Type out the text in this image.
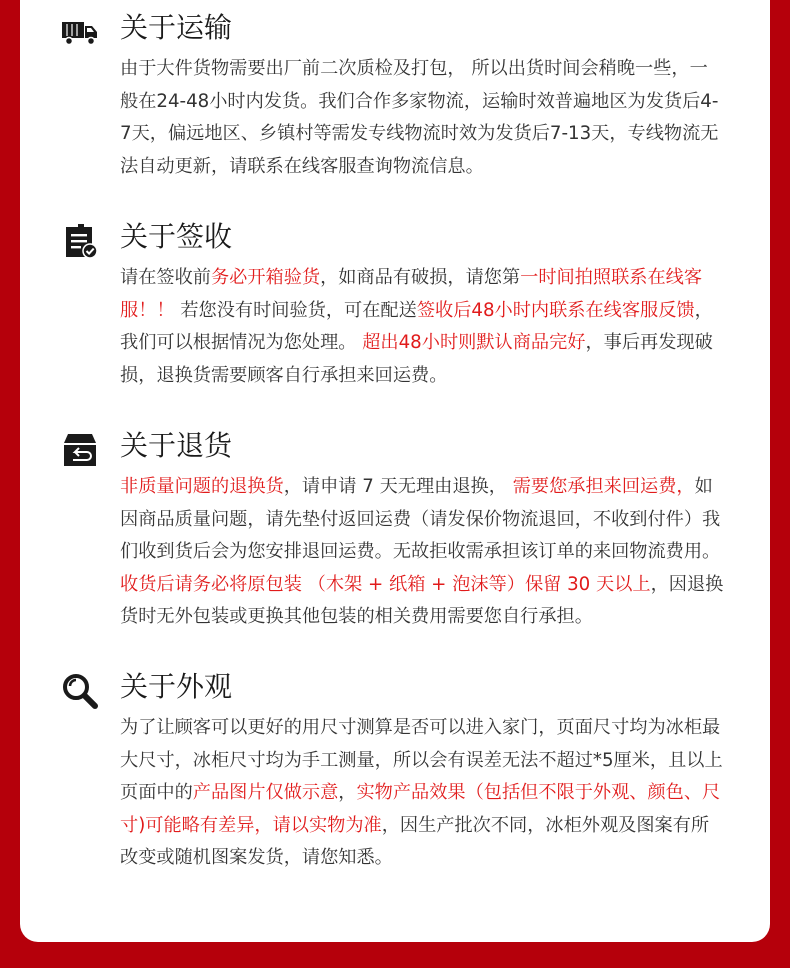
关于运输
由于大件货物需要出厂前二次质检及打包， 所以出货时间会稍晚一些，一般在24-48小时内发货。我们合作多家物流，运输时效普遍地区为发货后4-7天，偏远地区、乡镇村等需发专线物流时效为发货后7-13天，专线物流无法自动更新，请联系在线客服查询物流信息。
关于签收
请在签收前务必开箱验货，如商品有破损，请您第一时间拍照联系在线客服！！ 若您没有时间验货，可在配送签收后48小时内联系在线客服反馈，我们可以根据情况为您处理。 超出48小时则默认商品完好，事后再发现破损，退换货需要顾客自行承担来回运费。
关于退货
非质量问题的退换货，请申请 7 天无理由退换， 需要您承担来回运费，如因商品质量问题，请先垫付返回运费（请发保价物流退回，不收到付件）我们收到货后会为您安排退回运费。无故拒收需承担该订单的来回物流费用。收货后请务必将原包装 （木架 + 纸箱 + 泡沫等）保留 30 天以上，因退换货时无外包装或更换其他包装的相关费用需要您自行承担。
关于外观
为了让顾客可以更好的用尺寸测算是否可以进入家门，页面尺寸均为冰柜最大尺寸，冰柜尺寸均为手工测量，所以会有误差无法不超过*5厘米，且以上页面中的产品图片仅做示意，实物产品效果（包括但不限于外观、颜色、尺寸)可能略有差异，请以实物为准，因生产批次不同，冰柜外观及图案有所改变或随机图案发货，请您知悉。
